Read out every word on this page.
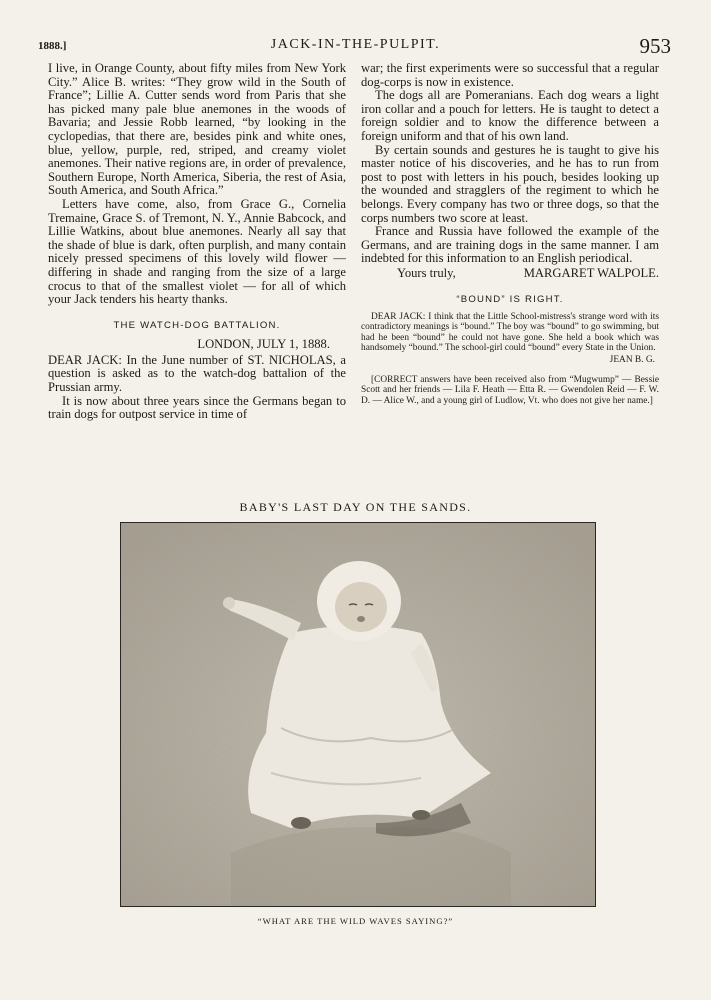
1888.]	JACK-IN-THE-PULPIT.	953

I live, in Orange County, about fifty miles from New York City.” Alice B. writes: “They grow wild in the South of France”; Lillie A. Cutter sends word from Paris that she has picked many pale blue anemones in the woods of Bavaria; and Jessie Robb learned, “by looking in the cyclopedias, that there are, besides pink and white ones, blue, yellow, purple, red, striped, and creamy violet anemones. Their native regions are, in order of prevalence, Southern Europe, North America, Siberia, the rest of Asia, South America, and South Africa.”

Letters have come, also, from Grace G., Cornelia Tremaine, Grace S. of Tremont, N. Y., Annie Babcock, and Lillie Watkins, about blue anemones. Nearly all say that the shade of blue is dark, often purplish, and many contain nicely pressed specimens of this lovely wild flower — differing in shade and ranging from the size of a large crocus to that of the smallest violet — for all of which your Jack tenders his hearty thanks.

THE WATCH-DOG BATTALION.
LONDON, JULY 1, 1888.

DEAR JACK: In the June number of ST. NICHOLAS, a question is asked as to the watch-dog battalion of the Prussian army.

It is now about three years since the Germans began to train dogs for outpost service in time of

war; the first experiments were so successful that a regular dog-corps is now in existence.

The dogs all are Pomeranians. Each dog wears a light iron collar and a pouch for letters. He is taught to detect a foreign soldier and to know the difference between a foreign uniform and that of his own land.

By certain sounds and gestures he is taught to give his master notice of his discoveries, and he has to run from post to post with letters in his pouch, besides looking up the wounded and stragglers of the regiment to which he belongs. Every company has two or three dogs, so that the corps numbers two score at least.

France and Russia have followed the example of the Germans, and are training dogs in the same manner. I am indebted for this information to an English periodical.

Yours truly,	MARGARET WALPOLE.
“BOUND” IS RIGHT.

DEAR JACK: I think that the Little School-mistress's strange word with its contradictory meanings is “bound.” The boy was “bound” to go swimming, but had he been “bound” he could not have gone. She held a book which was handsomely “bound.” The school-girl could “bound” every State in the Union.

JEAN B. G.

[CORRECT answers have been received also from “Mugwump” — Bessie Scott and her friends — Lila F. Heath — Etta R. — Gwendolen Reid — F. W. D. — Alice W., and a young girl of Ludlow, Vt. who does not give her name.]

BABY'S LAST DAY ON THE SANDS.
“WHAT ARE THE WILD WAVES SAYING?”
